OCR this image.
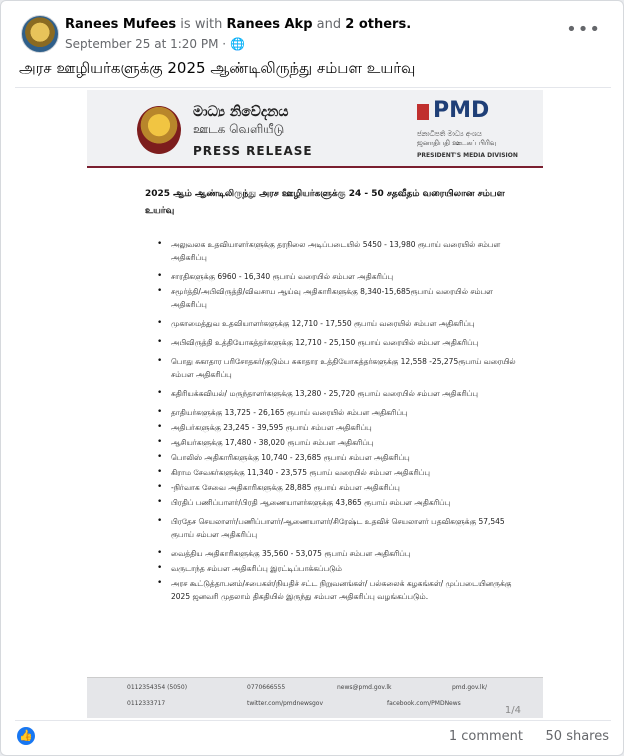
Ranees Mufees is with Ranees Akp and 2 others.
September 25 at 1:20 PM · 🌐
•••
அரச ஊழியர்களுக்கு 2025 ஆண்டிலிருந்து சம்பள உயர்வு
මාධ්‍ය නිවේදනය
ஊடக வெளியீடு
PRESS RELEASE
PMD
ජනාධිපති මාධ්‍ය අංශය ஜனாதிபதி ஊடகப் பிரிவு
PRESIDENT'S MEDIA DIVISION
2025 ஆம் ஆண்டிலிருந்து அரச ஊழியர்களுக்கு 24 - 50 சதவீதம் வரையிலான சம்பள உயர்வு
• அலுவலக உதவியாளர்களுக்கு தரநிலை அடிப்படையில் 5450 - 13,980 ரூபாய் வரையில் சம்பள அதிகரிப்பு
• சாரதிகளுக்கு 6960 - 16,340 ரூபாய் வரையில் சம்பள அதிகரிப்பு
• சமூர்த்தி/அபிவிருத்தி/விவசாய ஆய்வு அதிகாரிகளுக்கு 8,340-15,685ரூபாய் வரையில் சம்பள அதிகரிப்பு
• முகாமைத்துவ உதவியாளர்களுக்கு 12,710 - 17,550 ரூபாய் வரையில் சம்பள அதிகரிப்பு
• அபிவிருத்தி உத்தியோகத்தர்களுக்கு 12,710 - 25,150 ரூபாய் வரையில் சம்பள அதிகரிப்பு
• பொது சுகாதார பரிசோதகர்/குடும்ப சுகாதார உத்தியோகத்தர்களுக்கு 12,558 -25,275ரூபாய் வரையில் சம்பள அதிகரிப்பு
• கதிரியக்கவியல்/ மருந்தாளர்களுக்கு 13,280 - 25,720 ரூபாய் வரையில் சம்பள அதிகரிப்பு
• தாதியர்களுக்கு 13,725 - 26,165 ரூபாய் வரையில் சம்பள அதிகரிப்பு
• அதிபர்களுக்கு 23,245 - 39,595 ரூபாய் சம்பள அதிகரிப்பு
• ஆசியர்களுக்கு 17,480 - 38,020 ரூபாய் சம்பள அதிகரிப்பு
• பொலிஸ் அதிகாரிகளுக்கு 10,740 - 23,685 ரூபாய் சம்பள அதிகரிப்பு
• கிராம சேவகர்களுக்கு 11,340 - 23,575 ரூபாய் வரையில் சம்பள அதிகரிப்பு
• -நிர்வாக சேவை அதிகாரிகளுக்கு 28,885 ரூபாய் சம்பள அதிகரிப்பு
• பிரதிப் பணிப்பாளர்/பிரதி ஆணையாளர்களுக்கு 43,865 ரூபாய் சம்பள அதிகரிப்பு
• பிரதேச செயலாளர்/பணிப்பாளர்/ஆணையாளர்/சிரேஷ்ட உதவிச் செயலாளர் பதவிகளுக்கு 57,545 ரூபாய் சம்பள அதிகரிப்பு
• வைத்திய அதிகாரிகளுக்கு 35,560 - 53,075 ரூபாய் சம்பள அதிகரிப்பு
• வருடாந்த சம்பள அதிகரிப்பு இரட்டிப்பாக்கப்படும்
• அரச கூட்டுத்தாபனம்/சபைகள்/நியதிச் சட்ட நிறுவனங்கள்/ பல்கலைக் கழகங்கள்/ முப்படையினருக்கு 2025 ஜனவரி முதலாம் திகதியில் இருந்து சம்பள அதிகரிப்பு வழங்கப்படும்.
0112354354 (5050)
0112333717
0770666555	news@pmd.gov.lk
twitter.com/pmdnewsgov
pmd.gov.lk/
facebook.com/PMDNews
1/4
👍	1 comment 50 shares
